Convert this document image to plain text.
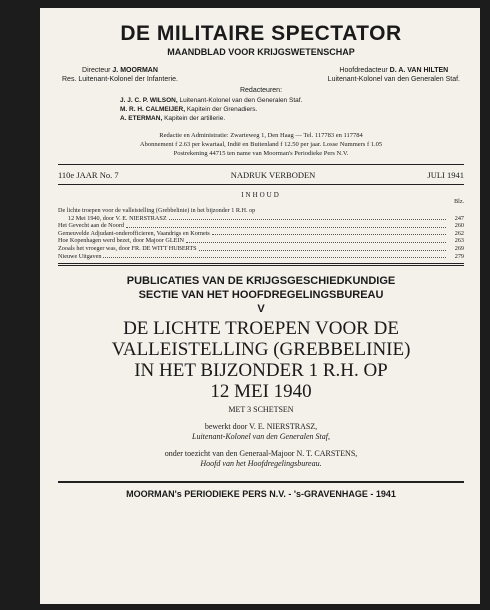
DE MILITAIRE SPECTATOR
MAANDBLAD VOOR KRIJGSWETENSCHAP
Directeur J. MOORMAN
Res. Luitenant-Kolonel der Infanterie.
Hoofdredacteur D. A. VAN HILTEN
Luitenant-Kolonel van den Generalen Staf.
Redacteuren:
J. J. C. P. WILSON, Luitenant-Kolonel van den Generalen Staf.
M. R. H. CALMEIJER, Kapitein der Grenadiers.
A. ETERMAN, Kapitein der artillerie.
Redactie en Administratie: Zwarteweg 1, Den Haag — Tel. 117783 en 117784
Abonnement f 2.63 per kwartaal, Indië en Buitenland f 12.50 per jaar. Losse Nummers f 1.05
Postrekening 44715 ten name van Moorman's Periodieke Pers N.V.
110e JAAR No. 7	NADRUK VERBODEN	JULI 1941
INHOUD
Blz.
De lichte troepen voor de valleistelling (Grebbelinie) in het bijzonder 1 R.H. op
12 Mei 1940, door V. E. NIERSTRASZ	247
Het Gevecht aan de Noord	260
Gemeuvelde Adjudant-onderofficieren, Vaandrigs en Kornets	262
Hoe Kopenhagen werd bezet, door Majoor GLEIN	263
Zooals het vroeger was, door FR. DE WITT HUBERTS	269
Nieuwe Uitgaven	279
PUBLICATIES VAN DE KRIJGSGESCHIEDKUNDIGE
SECTIE VAN HET HOOFDREGELINGSBUREAU
V
DE LICHTE TROEPEN VOOR DE
VALLEISTELLING (GREBBELINIE)
IN HET BIJZONDER 1 R.H. OP
12 MEI 1940
MET 3 SCHETSEN
bewerkt door V. E. NIERSTRASZ,
Luitenant-Kolonel van den Generalen Staf,
onder toezicht van den Generaal-Majoor N. T. CARSTENS,
Hoofd van het Hoofdregelingsbureau.
MOORMAN's PERIODIEKE PERS N.V. - 's-GRAVENHAGE - 1941
